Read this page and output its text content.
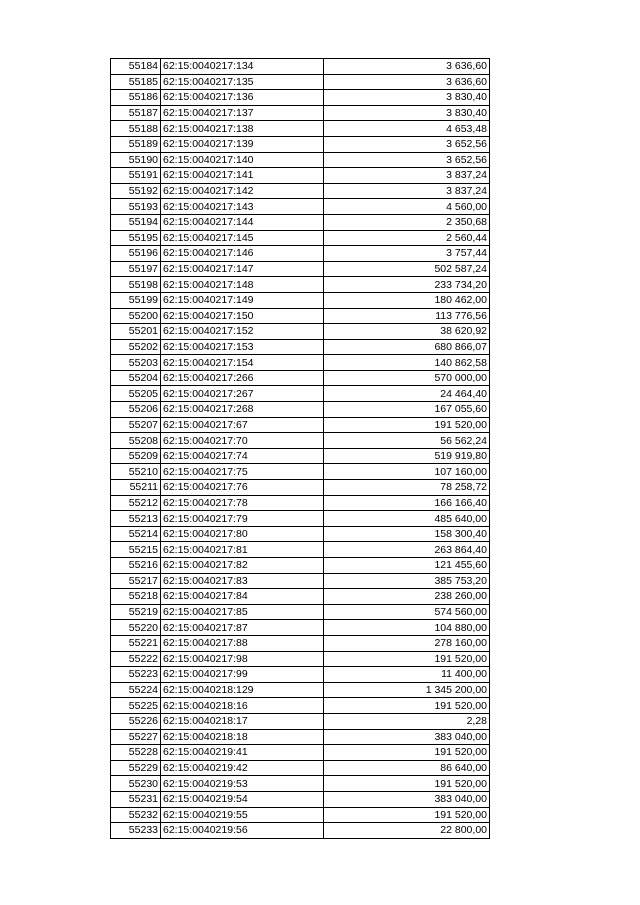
55184	62:15:0040217:134	3 636,60
55185	62:15:0040217:135	3 636,60
55186	62:15:0040217:136	3 830,40
55187	62:15:0040217:137	3 830,40
55188	62:15:0040217:138	4 653,48
55189	62:15:0040217:139	3 652,56
55190	62:15:0040217:140	3 652,56
55191	62:15:0040217:141	3 837,24
55192	62:15:0040217:142	3 837,24
55193	62:15:0040217:143	4 560,00
55194	62:15:0040217:144	2 350,68
55195	62:15:0040217:145	2 560,44
55196	62:15:0040217:146	3 757,44
55197	62:15:0040217:147	502 587,24
55198	62:15:0040217:148	233 734,20
55199	62:15:0040217:149	180 462,00
55200	62:15:0040217:150	113 776,56
55201	62:15:0040217:152	38 620,92
55202	62:15:0040217:153	680 866,07
55203	62:15:0040217:154	140 862,58
55204	62:15:0040217:266	570 000,00
55205	62:15:0040217:267	24 464,40
55206	62:15:0040217:268	167 055,60
55207	62:15:0040217:67	191 520,00
55208	62:15:0040217:70	56 562,24
55209	62:15:0040217:74	519 919,80
55210	62:15:0040217:75	107 160,00
55211	62:15:0040217:76	78 258,72
55212	62:15:0040217:78	166 166,40
55213	62:15:0040217:79	485 640,00
55214	62:15:0040217:80	158 300,40
55215	62:15:0040217:81	263 864,40
55216	62:15:0040217:82	121 455,60
55217	62:15:0040217:83	385 753,20
55218	62:15:0040217:84	238 260,00
55219	62:15:0040217:85	574 560,00
55220	62:15:0040217:87	104 880,00
55221	62:15:0040217:88	278 160,00
55222	62:15:0040217:98	191 520,00
55223	62:15:0040217:99	11 400,00
55224	62:15:0040218:129	1 345 200,00
55225	62:15:0040218:16	191 520,00
55226	62:15:0040218:17	2,28
55227	62:15:0040218:18	383 040,00
55228	62:15:0040219:41	191 520,00
55229	62:15:0040219:42	86 640,00
55230	62:15:0040219:53	191 520,00
55231	62:15:0040219:54	383 040,00
55232	62:15:0040219:55	191 520,00
55233	62:15:0040219:56	22 800,00
